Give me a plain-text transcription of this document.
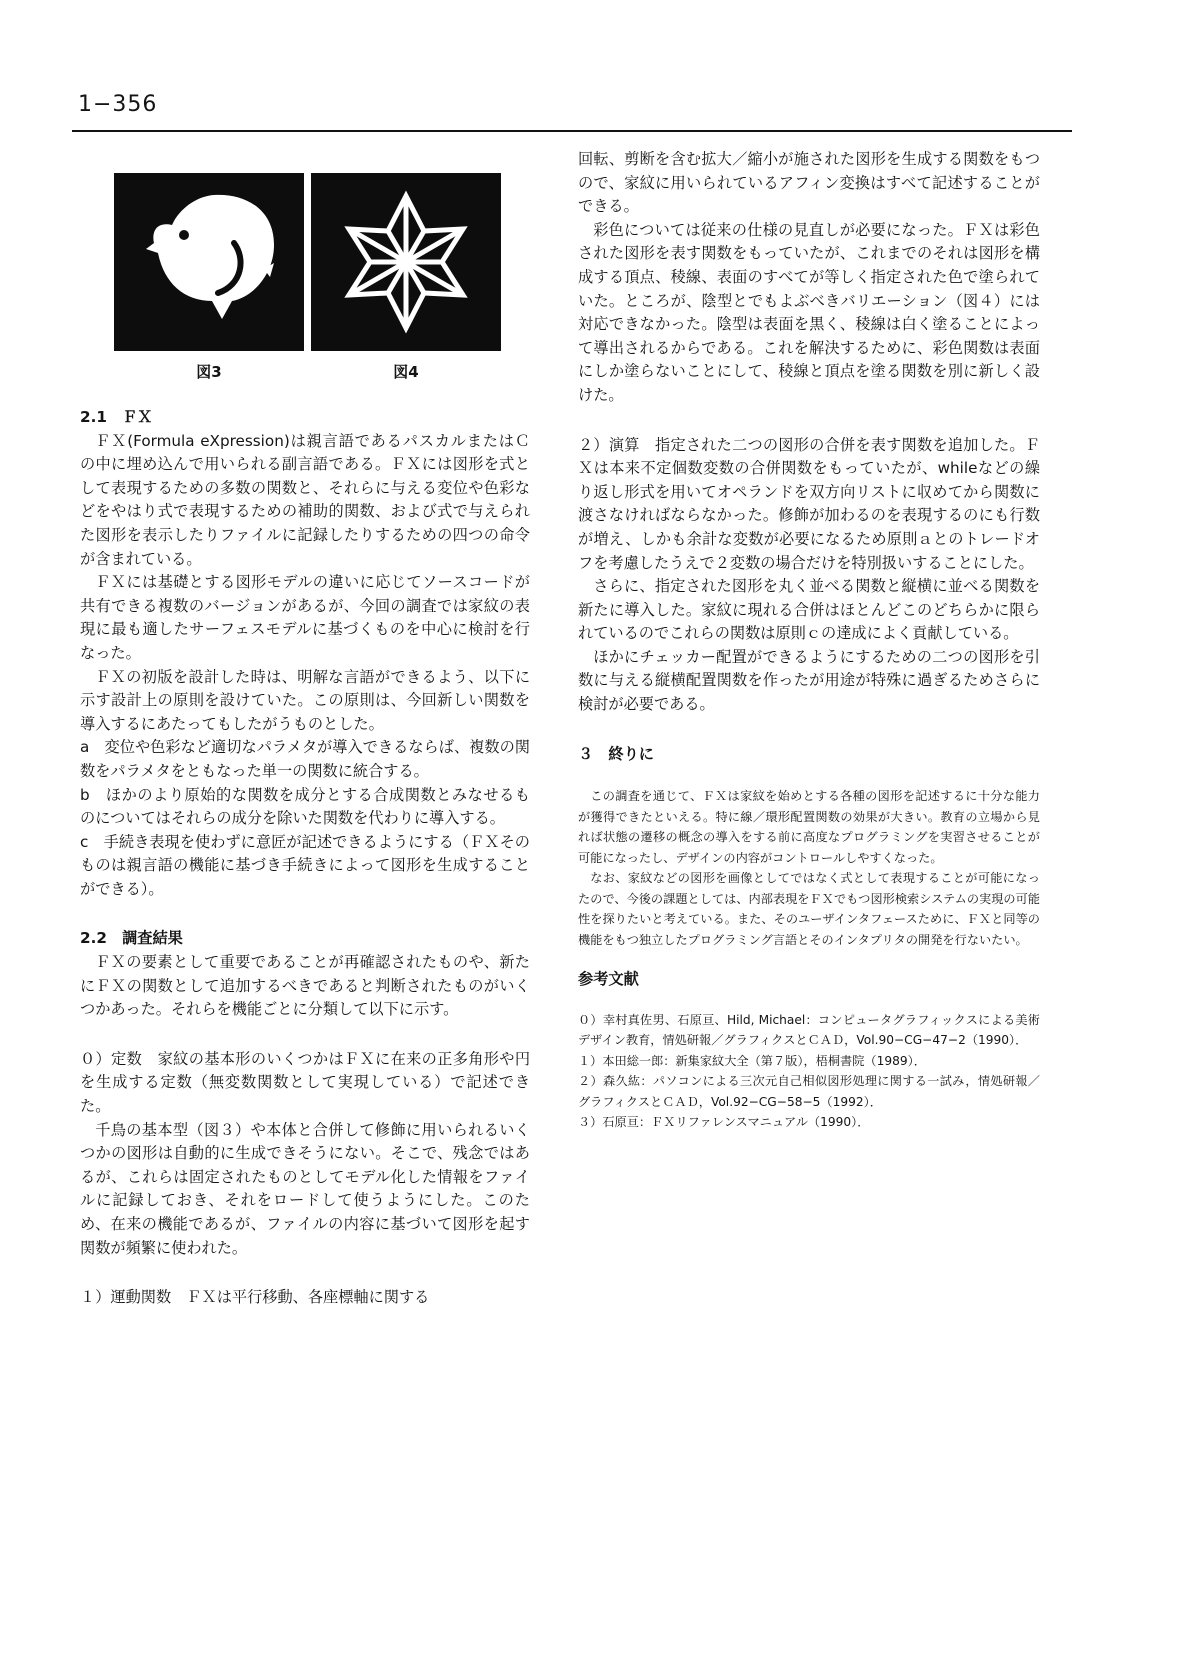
1−356
図3	図4

2.1　ＦＸ

ＦＸ(Formula eXpression)は親言語であるパスカルまたはＣの中に埋め込んで用いられる副言語である。ＦＸには図形を式として表現するための多数の関数と、それらに与える変位や色彩などをやはり式で表現するための補助的関数、および式で与えられた図形を表示したりファイルに記録したりするための四つの命令が含まれている。

ＦＸには基礎とする図形モデルの違いに応じてソースコードが共有できる複数のバージョンがあるが、今回の調査では家紋の表現に最も適したサーフェスモデルに基づくものを中心に検討を行なった。

ＦＸの初版を設計した時は、明解な言語ができるよう、以下に示す設計上の原則を設けていた。この原則は、今回新しい関数を導入するにあたってもしたがうものとした。

a　変位や色彩など適切なパラメタが導入できるならば、複数の関数をパラメタをともなった単一の関数に統合する。

b　ほかのより原始的な関数を成分とする合成関数とみなせるものについてはそれらの成分を除いた関数を代わりに導入する。

c　手続き表現を使わずに意匠が記述できるようにする（ＦＸそのものは親言語の機能に基づき手続きによって図形を生成することができる）。

2.2　調査結果

ＦＸの要素として重要であることが再確認されたものや、新たにＦＸの関数として追加するべきであると判断されたものがいくつかあった。それらを機能ごとに分類して以下に示す。

０）定数　家紋の基本形のいくつかはＦＸに在来の正多角形や円を生成する定数（無変数関数として実現している）で記述できた。

千鳥の基本型（図３）や本体と合併して修飾に用いられるいくつかの図形は自動的に生成できそうにない。そこで、残念ではあるが、これらは固定されたものとしてモデル化した情報をファイルに記録しておき、それをロードして使うようにした。このため、在来の機能であるが、ファイルの内容に基づいて図形を起す関数が頻繁に使われた。

１）運動関数　ＦＸは平行移動、各座標軸に関する

回転、剪断を含む拡大／縮小が施された図形を生成する関数をもつので、家紋に用いられているアフィン変換はすべて記述することができる。

彩色については従来の仕様の見直しが必要になった。ＦＸは彩色された図形を表す関数をもっていたが、これまでのそれは図形を構成する頂点、稜線、表面のすべてが等しく指定された色で塗られていた。ところが、陰型とでもよぶべきバリエーション（図４）には対応できなかった。陰型は表面を黒く、稜線は白く塗ることによって導出されるからである。これを解決するために、彩色関数は表面にしか塗らないことにして、稜線と頂点を塗る関数を別に新しく設けた。

２）演算　指定された二つの図形の合併を表す関数を追加した。ＦＸは本来不定個数変数の合併関数をもっていたが、whileなどの繰り返し形式を用いてオペランドを双方向リストに収めてから関数に渡さなければならなかった。修飾が加わるのを表現するのにも行数が増え、しかも余計な変数が必要になるため原則ａとのトレードオフを考慮したうえで２変数の場合だけを特別扱いすることにした。

さらに、指定された図形を丸く並べる関数と縦横に並べる関数を新たに導入した。家紋に現れる合併はほとんどこのどちらかに限られているのでこれらの関数は原則ｃの達成によく貢献している。

ほかにチェッカー配置ができるようにするための二つの図形を引数に与える縦横配置関数を作ったが用途が特殊に過ぎるためさらに検討が必要である。

３　終りに

この調査を通じて、ＦＸは家紋を始めとする各種の図形を記述するに十分な能力が獲得できたといえる。特に線／環形配置関数の効果が大きい。教育の立場から見れば状態の遷移の概念の導入をする前に高度なプログラミングを実習させることが可能になったし、デザインの内容がコントロールしやすくなった。

なお、家紋などの図形を画像としてではなく式として表現することが可能になったので、今後の課題としては、内部表現をＦＸでもつ図形検索システムの実現の可能性を探りたいと考えている。また、そのユーザインタフェースために、ＦＸと同等の機能をもつ独立したプログラミング言語とそのインタプリタの開発を行ないたい。

参考文献

０）幸村真佐男、石原亘、Hild, Michael：コンピュータグラフィックスによる美術デザイン教育，情処研報／グラフィクスとＣＡＤ，Vol.90−CG−47−2（1990）．

１）本田総一郎：新集家紋大全（第７版），梧桐書院（1989）．

２）森久紘：パソコンによる三次元自己相似図形処理に関する一試み，情処研報／グラフィクスとＣＡＤ，Vol.92−CG−58−5（1992）．

３）石原亘：ＦＸリファレンスマニュアル（1990）．
